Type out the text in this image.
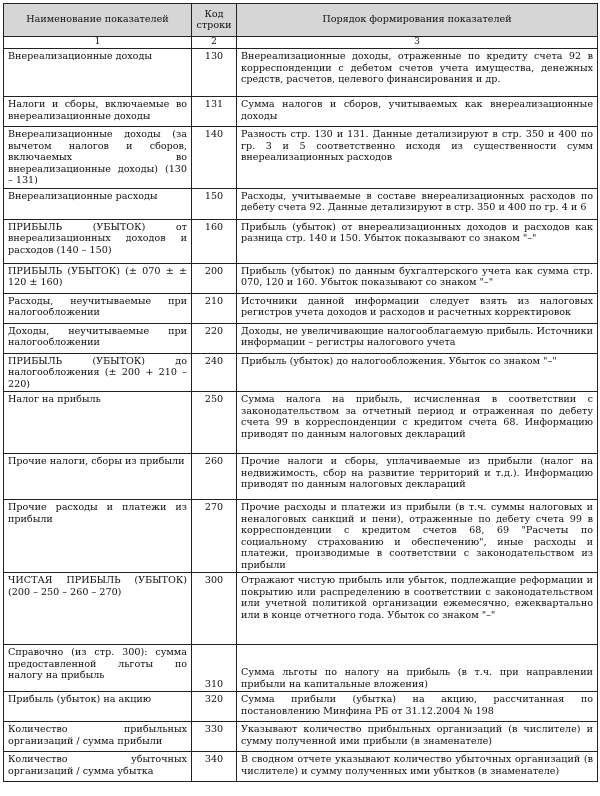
Наименование показателей	Код строки	Порядок формирования показателей
1	2	3
Внереализационные доходы	130	Внереализационные доходы, отраженные по кредиту счета 92 в корреспонденции с дебетом счетов учета имущества, денежных средств, расчетов, целевого финансирования и др.
Налоги и сборы, включаемые во внереализационные доходы	131	Сумма налогов и сборов, учитываемых как внереализационные доходы
Внереализационные доходы (за вычетом налогов и сборов, включаемых во внереализационные доходы) (130 – 131)	140	Разность стр. 130 и 131. Данные детализируют в стр. 350 и 400 по гр. 3 и 5 соответственно исходя из существенности сумм внереализационных расходов
Внереализационные расходы	150	Расходы, учитываемые в составе внереализационных расходов по дебету счета 92. Данные детализируют в стр. 350 и 400 по гр. 4 и 6
ПРИБЫЛЬ (УБЫТОК) от внереализационных доходов и расходов (140 – 150)	160	Прибыль (убыток) от внереализационных доходов и расходов как разница стр. 140 и 150. Убыток показывают со знаком "–"
ПРИБЫЛЬ (УБЫТОК) (± 070 ± ± 120 ± 160)	200	Прибыль (убыток) по данным бухгалтерского учета как сумма стр. 070, 120 и 160. Убыток показывают со знаком "–"
Расходы, неучитываемые при налогообложении	210	Источники данной информации следует взять из налоговых регистров учета доходов и расходов и расчетных корректировок
Доходы, неучитываемые при налогообложении	220	Доходы, не увеличивающие налогооблагаемую прибыль. Источники информации – регистры налогового учета
ПРИБЫЛЬ (УБЫТОК) до налогообложения (± 200 + 210 – 220)	240	Прибыль (убыток) до налогообложения. Убыток со знаком "–"
Налог на прибыль	250	Сумма налога на прибыль, исчисленная в соответствии с законодательством за отчетный период и отраженная по дебету счета 99 в корреспонденции с кредитом счета 68. Информацию приводят по данным налоговых деклараций
Прочие налоги, сборы из прибыли	260	Прочие налоги и сборы, уплачиваемые из прибыли (налог на недвижимость, сбор на развитие территорий и т.д.). Информацию приводят по данным налоговых деклараций
Прочие расходы и платежи из прибыли	270	Прочие расходы и платежи из прибыли (в т.ч. суммы налоговых и неналоговых санкций и пени), отраженные по дебету счета 99 в корреспонденции с кредитом счетов 68, 69 "Расчеты по социальному страхованию и обеспечению", иные расходы и платежи, производимые в соответствии с законодательством из прибыли
ЧИСТАЯ ПРИБЫЛЬ (УБЫТОК) (200 – 250 – 260 – 270)	300	Отражают чистую прибыль или убыток, подлежащие реформации и покрытию или распределению в соответствии с законодательством или учетной политикой организации ежемесячно, ежеквартально или в конце отчетного года. Убыток со знаком "–"
Справочно (из стр. 300): сумма предоставленной льготы по налогу на прибыль	310	Сумма льготы по налогу на прибыль (в т.ч. при направлении прибыли на капитальные вложения)
Прибыль (убыток) на акцию	320	Сумма прибыли (убытка) на акцию, рассчитанная по постановлению Минфина РБ от 31.12.2004 № 198
Количество прибыльных организаций / сумма прибыли	330	Указывают количество прибыльных организаций (в числителе) и сумму полученной ими прибыли (в знаменателе)
Количество убыточных организаций / сумма убытка	340	В сводном отчете указывают количество убыточных организаций (в числителе) и сумму полученных ими убытков (в знаменателе)
